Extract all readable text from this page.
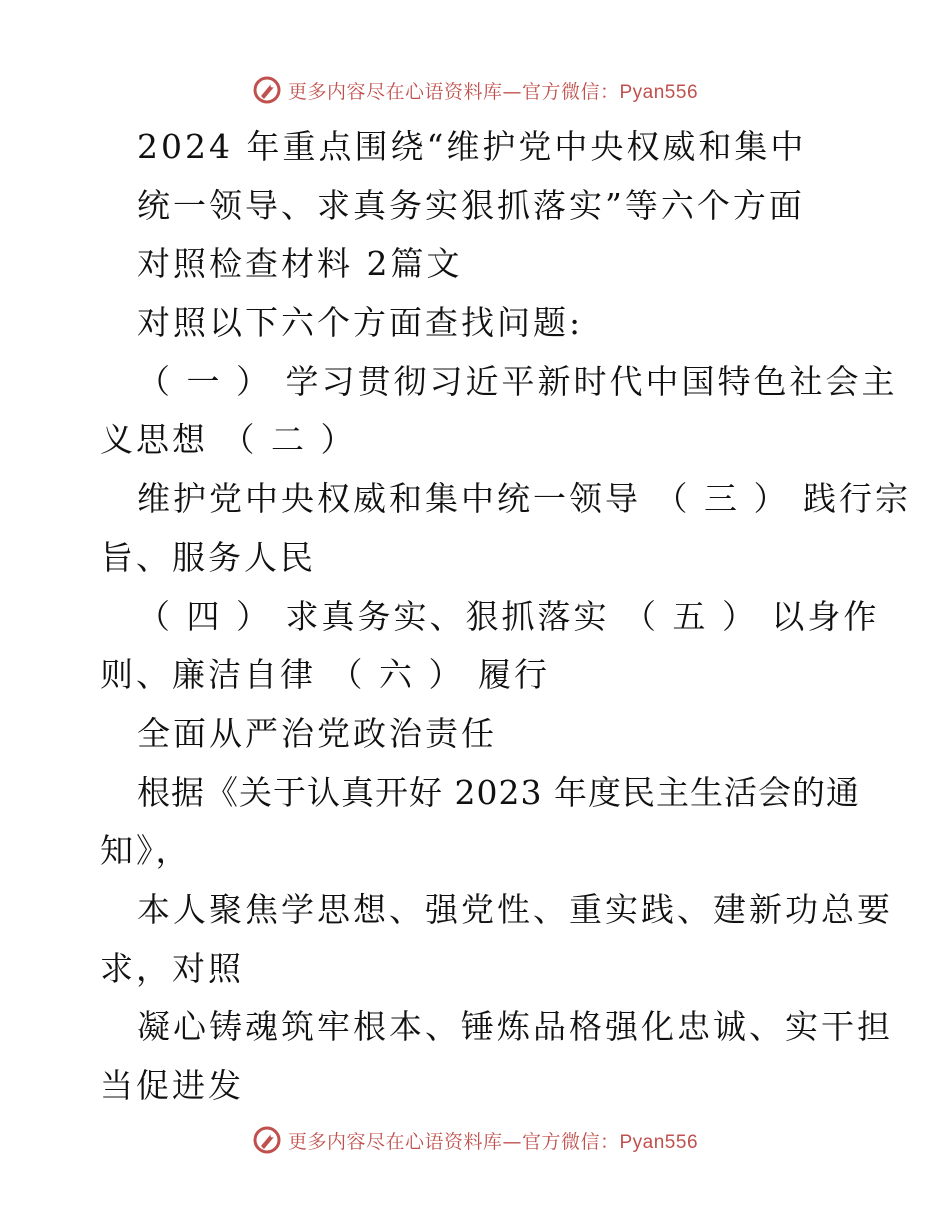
更多内容尽在心语资料库—官方微信：Pyan556
2024 年重点围绕“维护党中央权威和集中
统一领导、求真务实狠抓落实”等六个方面
对照检查材料 2篇文
对照以下六个方面查找问题:
（ 一 ） 学习贯彻习近平新时代中国特色社会主
义思想 （ 二 ）
维护党中央权威和集中统一领导 （ 三 ） 践行宗
旨、服务人民
（ 四 ） 求真务实、狠抓落实 （ 五 ） 以身作
则、廉洁自律 （ 六 ） 履行
全面从严治党政治责任
根据《关于认真开好 2023 年度民主生活会的通
知》，
本人聚焦学思想、强党性、重实践、建新功总要
求，对照
凝心铸魂筑牢根本、锤炼品格强化忠诚、实干担
当促进发
更多内容尽在心语资料库—官方微信：Pyan556
